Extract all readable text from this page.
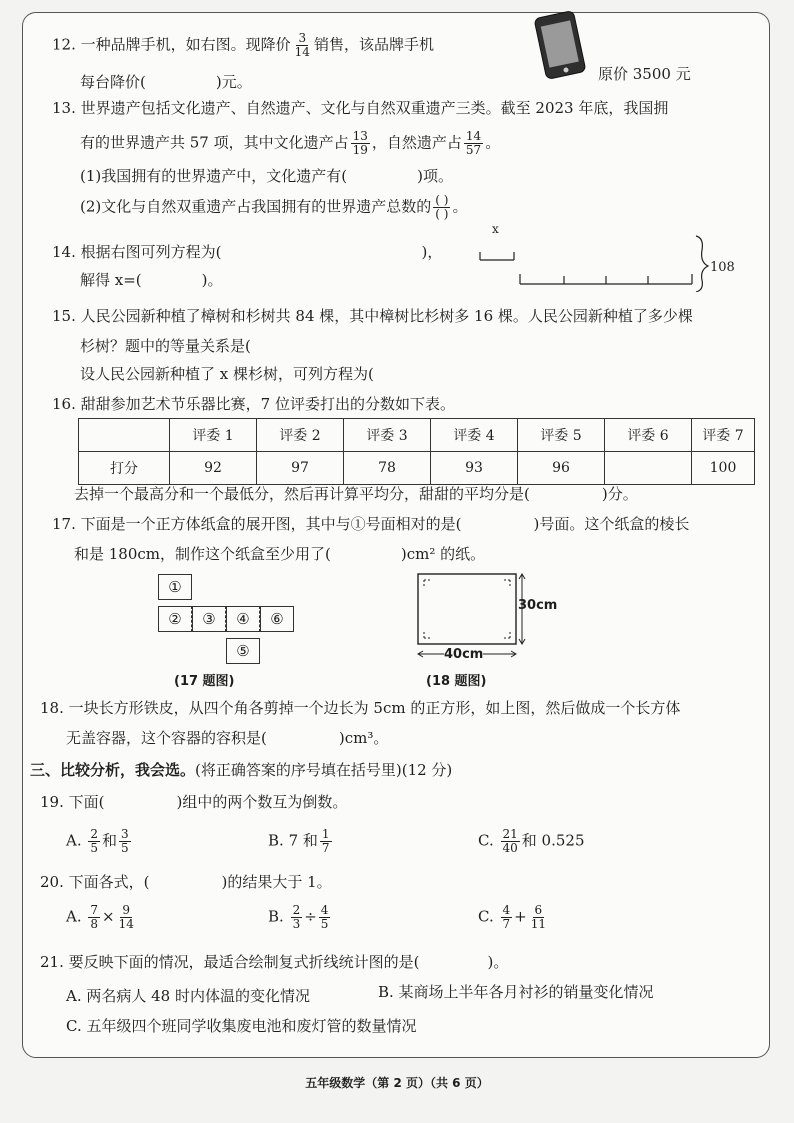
12. 一种品牌手机，如右图。现降价 $\frac{3}{14}$ 销售，该品牌手机
每台降价(	)元。	原价 3500 元
13. 世界遗产包括文化遗产、自然遗产、文化与自然双重遗产三类。截至 2023 年底，我国拥
有的世界遗产共 57 项，其中文化遗产占 $\frac{13}{19}$ ，自然遗产占 $\frac{14}{57}$ 。
(1)我国拥有的世界遗产中，文化遗产有(	)项。
(2)文化与自然双重遗产占我国拥有的世界遗产总数的 $\frac{( )}{( )}$ 。
14. 根据右图可列方程为(	)，
解得 x=(	)。
x
108
15. 人民公园新种植了樟树和杉树共 84 棵，其中樟树比杉树多 16 棵。人民公园新种植了多少棵
杉树？题中的等量关系是(
设人民公园新种植了 x 棵杉树，可列方程为(
16. 甜甜参加艺术节乐器比赛，7 位评委打出的分数如下表。
	评委 1	评委 2	评委 3	评委 4	评委 5	评委 6	评委 7
打分	92	97	78	93	96		100
去掉一个最高分和一个最低分，然后再计算平均分，甜甜的平均分是(	)分。
17. 下面是一个正方体纸盒的展开图，其中与①号面相对的是(	)号面。这个纸盒的棱长
和是 180cm，制作这个纸盒至少用了(	)cm² 的纸。
①
②	③	④	⑥
⑤
(17 题图)
30cm
40cm
(18 题图)
18. 一块长方形铁皮，从四个角各剪掉一个边长为 5cm 的正方形，如上图，然后做成一个长方体
无盖容器，这个容器的容积是(	)cm³。
三、比较分析，我会选。(将正确答案的序号填在括号里)(12 分)
19. 下面(	)组中的两个数互为倒数。
A. $\frac{2}{5}$ 和 $\frac{3}{5}$	B. 7 和 $\frac{1}{7}$	C. $\frac{21}{40}$ 和 0.525
20. 下面各式，(	)的结果大于 1。
A. $\frac{7}{8} \times \frac{9}{14}$	B. $\frac{2}{3} \div \frac{4}{5}$	C. $\frac{4}{7} + \frac{6}{11}$
21. 要反映下面的情况，最适合绘制复式折线统计图的是(	)。
A. 两名病人 48 时内体温的变化情况	B. 某商场上半年各月衬衫的销量变化情况
C. 五年级四个班同学收集废电池和废灯管的数量情况
五年级数学（第 2 页）（共 6 页）
